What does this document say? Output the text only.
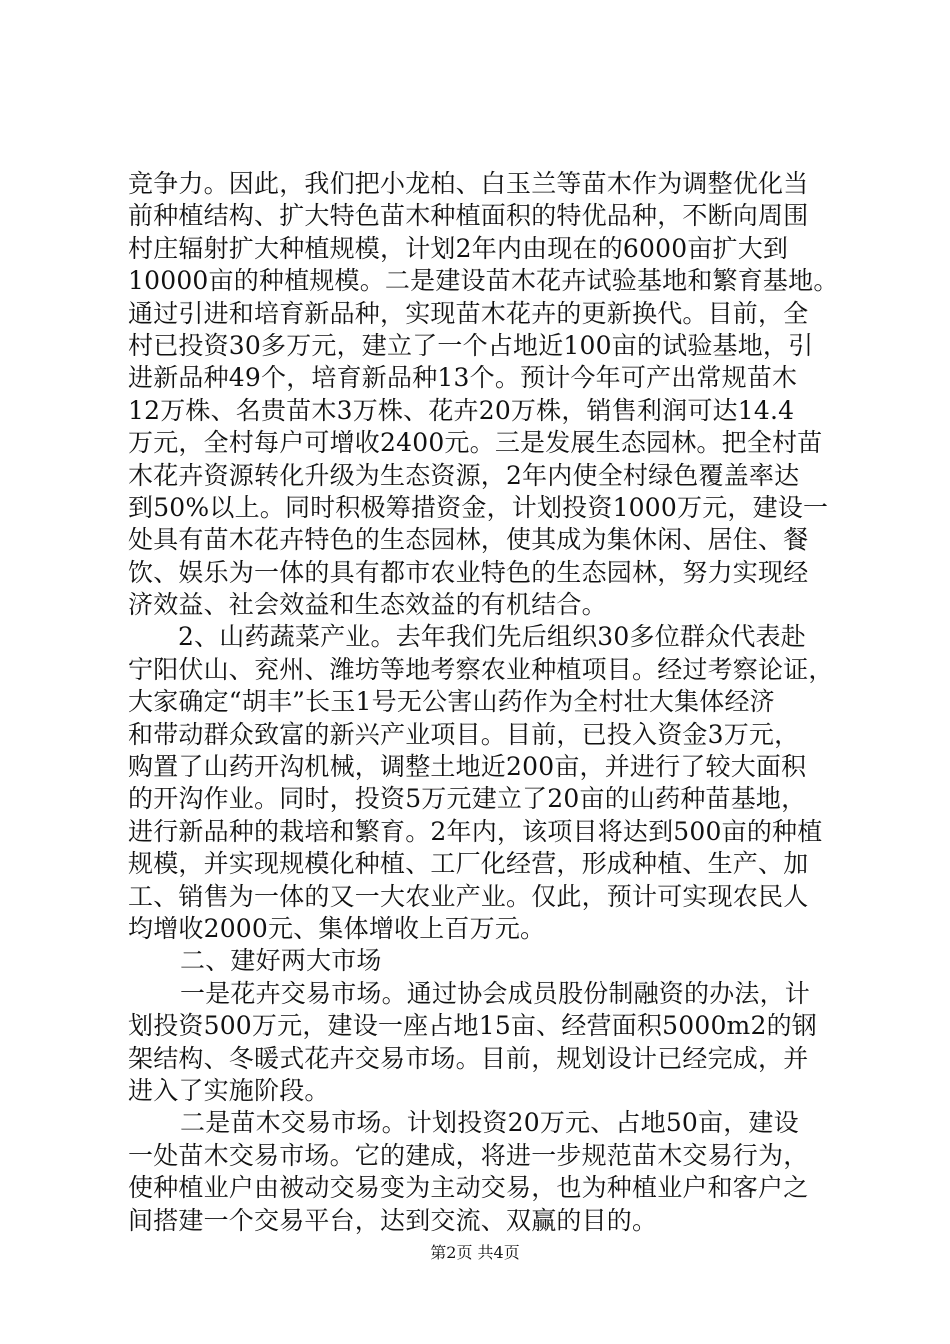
竞争力。因此，我们把小龙柏、白玉兰等苗木作为调整优化当
前种植结构、扩大特色苗木种植面积的特优品种，不断向周围
村庄辐射扩大种植规模，计划2年内由现在的6000亩扩大到
10000亩的种植规模。二是建设苗木花卉试验基地和繁育基地。
通过引进和培育新品种，实现苗木花卉的更新换代。目前，全
村已投资30多万元，建立了一个占地近100亩的试验基地，引
进新品种49个，培育新品种13个。预计今年可产出常规苗木
12万株、名贵苗木3万株、花卉20万株，销售利润可达14.4
万元，全村每户可增收2400元。三是发展生态园林。把全村苗
木花卉资源转化升级为生态资源，2年内使全村绿色覆盖率达
到50%以上。同时积极筹措资金，计划投资1000万元，建设一
处具有苗木花卉特色的生态园林，使其成为集休闲、居住、餐
饮、娱乐为一体的具有都市农业特色的生态园林，努力实现经
济效益、社会效益和生态效益的有机结合。
2、山药蔬菜产业。去年我们先后组织30多位群众代表赴
宁阳伏山、兖州、潍坊等地考察农业种植项目。经过考察论证，
大家确定“胡丰”长玉1号无公害山药作为全村壮大集体经济
和带动群众致富的新兴产业项目。目前，已投入资金3万元，
购置了山药开沟机械，调整土地近200亩，并进行了较大面积
的开沟作业。同时，投资5万元建立了20亩的山药种苗基地，
进行新品种的栽培和繁育。2年内，该项目将达到500亩的种植
规模，并实现规模化种植、工厂化经营，形成种植、生产、加
工、销售为一体的又一大农业产业。仅此，预计可实现农民人
均增收2000元、集体增收上百万元。
二、建好两大市场
一是花卉交易市场。通过协会成员股份制融资的办法，计
划投资500万元，建设一座占地15亩、经营面积5000m2的钢
架结构、冬暖式花卉交易市场。目前，规划设计已经完成，并
进入了实施阶段。
二是苗木交易市场。计划投资20万元、占地50亩，建设
一处苗木交易市场。它的建成，将进一步规范苗木交易行为，
使种植业户由被动交易变为主动交易，也为种植业户和客户之
间搭建一个交易平台，达到交流、双赢的目的。
第2页 共4页
